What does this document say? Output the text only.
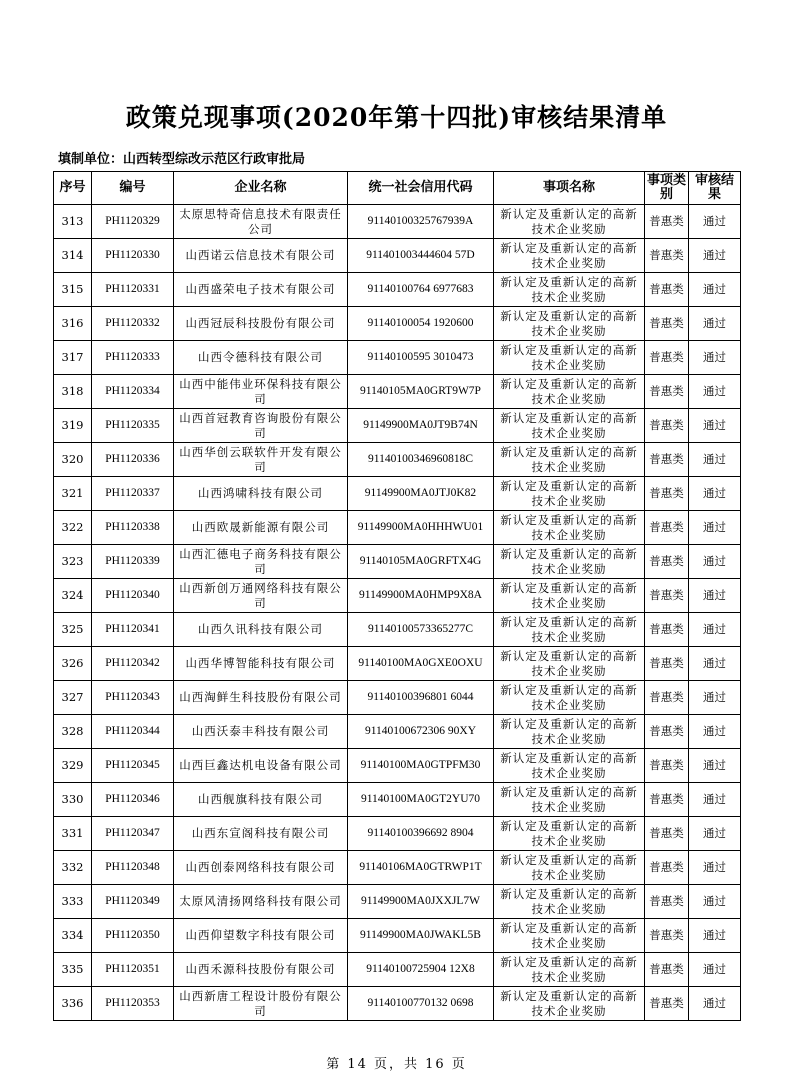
政策兑现事项(2020年第十四批)审核结果清单
填制单位：山西转型综改示范区行政审批局
序号	编号	企业名称	统一社会信用代码	事项名称	事项类别	审核结果
313	PH1120329	太原思特奇信息技术有限责任公司	91140100325767939A	新认定及重新认定的高新技术企业奖励	普惠类	通过
314	PH1120330	山西诺云信息技术有限公司	911401003444604 57D	新认定及重新认定的高新技术企业奖励	普惠类	通过
315	PH1120331	山西盛荣电子技术有限公司	91140100764 6977683	新认定及重新认定的高新技术企业奖励	普惠类	通过
316	PH1120332	山西冠辰科技股份有限公司	91140100054 1920600	新认定及重新认定的高新技术企业奖励	普惠类	通过
317	PH1120333	山西令德科技有限公司	91140100595 3010473	新认定及重新认定的高新技术企业奖励	普惠类	通过
318	PH1120334	山西中能伟业环保科技有限公司	91140105MA0GRT9W7P	新认定及重新认定的高新技术企业奖励	普惠类	通过
319	PH1120335	山西首冠教育咨询股份有限公司	91149900MA0JT9B74N	新认定及重新认定的高新技术企业奖励	普惠类	通过
320	PH1120336	山西华创云联软件开发有限公司	91140100346960818C	新认定及重新认定的高新技术企业奖励	普惠类	通过
321	PH1120337	山西鸿啸科技有限公司	91149900MA0JTJ0K82	新认定及重新认定的高新技术企业奖励	普惠类	通过
322	PH1120338	山西欧晟新能源有限公司	91149900MA0HHHWU01	新认定及重新认定的高新技术企业奖励	普惠类	通过
323	PH1120339	山西汇德电子商务科技有限公司	91140105MA0GRFTX4G	新认定及重新认定的高新技术企业奖励	普惠类	通过
324	PH1120340	山西新创万通网络科技有限公司	91149900MA0HMP9X8A	新认定及重新认定的高新技术企业奖励	普惠类	通过
325	PH1120341	山西久讯科技有限公司	91140100573365277C	新认定及重新认定的高新技术企业奖励	普惠类	通过
326	PH1120342	山西华博智能科技有限公司	91140100MA0GXE0OXU	新认定及重新认定的高新技术企业奖励	普惠类	通过
327	PH1120343	山西淘鲜生科技股份有限公司	91140100396801 6044	新认定及重新认定的高新技术企业奖励	普惠类	通过
328	PH1120344	山西沃泰丰科技有限公司	91140100672306 90XY	新认定及重新认定的高新技术企业奖励	普惠类	通过
329	PH1120345	山西巨鑫达机电设备有限公司	91140100MA0GTPFM30	新认定及重新认定的高新技术企业奖励	普惠类	通过
330	PH1120346	山西舰旗科技有限公司	91140100MA0GT2YU70	新认定及重新认定的高新技术企业奖励	普惠类	通过
331	PH1120347	山西东宣阁科技有限公司	91140100396692 8904	新认定及重新认定的高新技术企业奖励	普惠类	通过
332	PH1120348	山西创泰网络科技有限公司	91140106MA0GTRWP1T	新认定及重新认定的高新技术企业奖励	普惠类	通过
333	PH1120349	太原风清扬网络科技有限公司	91149900MA0JXXJL7W	新认定及重新认定的高新技术企业奖励	普惠类	通过
334	PH1120350	山西仰望数字科技有限公司	91149900MA0JWAKL5B	新认定及重新认定的高新技术企业奖励	普惠类	通过
335	PH1120351	山西禾源科技股份有限公司	91140100725904 12X8	新认定及重新认定的高新技术企业奖励	普惠类	通过
336	PH1120353	山西新唐工程设计股份有限公司	91140100770132 0698	新认定及重新认定的高新技术企业奖励	普惠类	通过
第 14 页，共 16 页
